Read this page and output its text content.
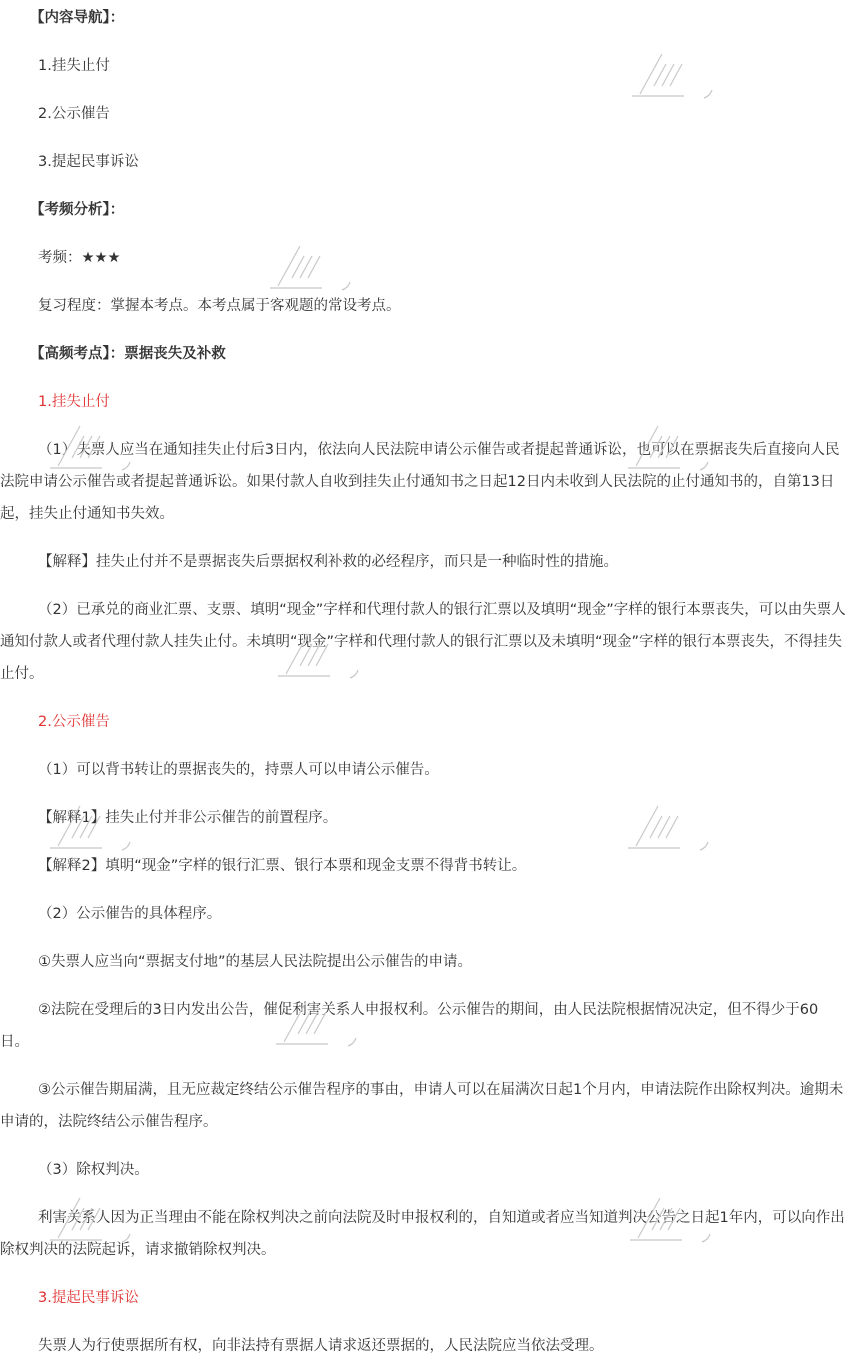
【内容导航】：

1.挂失止付

2.公示催告

3.提起民事诉讼

【考频分析】：

考频：★★★

复习程度：掌握本考点。本考点属于客观题的常设考点。

【高频考点】：票据丧失及补救

1.挂失止付

（1）失票人应当在通知挂失止付后3日内，依法向人民法院申请公示催告或者提起普通诉讼，也可以在票据丧失后直接向人民法院申请公示催告或者提起普通诉讼。如果付款人自收到挂失止付通知书之日起12日内未收到人民法院的止付通知书的，自第13日起，挂失止付通知书失效。

【解释】挂失止付并不是票据丧失后票据权利补救的必经程序，而只是一种临时性的措施。

（2）已承兑的商业汇票、支票、填明“现金”字样和代理付款人的银行汇票以及填明“现金”字样的银行本票丧失，可以由失票人通知付款人或者代理付款人挂失止付。未填明“现金”字样和代理付款人的银行汇票以及未填明“现金”字样的银行本票丧失，不得挂失止付。

2.公示催告

（1）可以背书转让的票据丧失的，持票人可以申请公示催告。

【解释1】挂失止付并非公示催告的前置程序。

【解释2】填明“现金”字样的银行汇票、银行本票和现金支票不得背书转让。

（2）公示催告的具体程序。

①失票人应当向“票据支付地”的基层人民法院提出公示催告的申请。

②法院在受理后的3日内发出公告，催促利害关系人申报权利。公示催告的期间，由人民法院根据情况决定，但不得少于60日。

③公示催告期届满，且无应裁定终结公示催告程序的事由，申请人可以在届满次日起1个月内，申请法院作出除权判决。逾期未申请的，法院终结公示催告程序。

（3）除权判决。

利害关系人因为正当理由不能在除权判决之前向法院及时申报权利的，自知道或者应当知道判决公告之日起1年内，可以向作出除权判决的法院起诉，请求撤销除权判决。

3.提起民事诉讼

失票人为行使票据所有权，向非法持有票据人请求返还票据的，人民法院应当依法受理。
